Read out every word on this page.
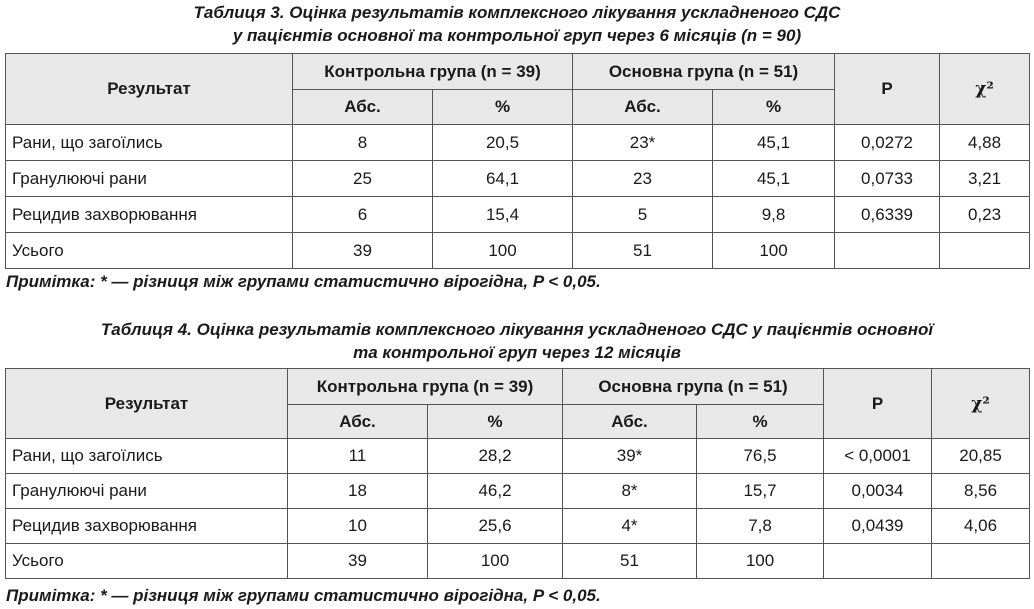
Таблиця 3. Оцінка результатів комплексного лікування ускладненого СДС
у пацієнтів основної та контрольної груп через 6 місяців (n = 90)
Результат	Контрольна група (n = 39)		Основна група (n = 51)		P	χ²
	Абс.	%	Абс.	%		
Рани, що загоїлись	8	20,5	23*	45,1	0,0272	4,88
Гранулюючі рани	25	64,1	23	45,1	0,0733	3,21
Рецидив захворювання	6	15,4	5	9,8	0,6339	0,23
Усього	39	100	51	100		
Примітка: * — різниця між групами статистично вірогідна, P < 0,05.
Таблиця 4. Оцінка результатів комплексного лікування ускладненого СДС у пацієнтів основної
та контрольної груп через 12 місяців
Результат	Контрольна група (n = 39)		Основна група (n = 51)		P	χ²
	Абс.	%	Абс.	%		
Рани, що загоїлись	11	28,2	39*	76,5	< 0,0001	20,85
Гранулюючі рани	18	46,2	8*	15,7	0,0034	8,56
Рецидив захворювання	10	25,6	4*	7,8	0,0439	4,06
Усього	39	100	51	100		
Примітка: * — різниця між групами статистично вірогідна, P < 0,05.
